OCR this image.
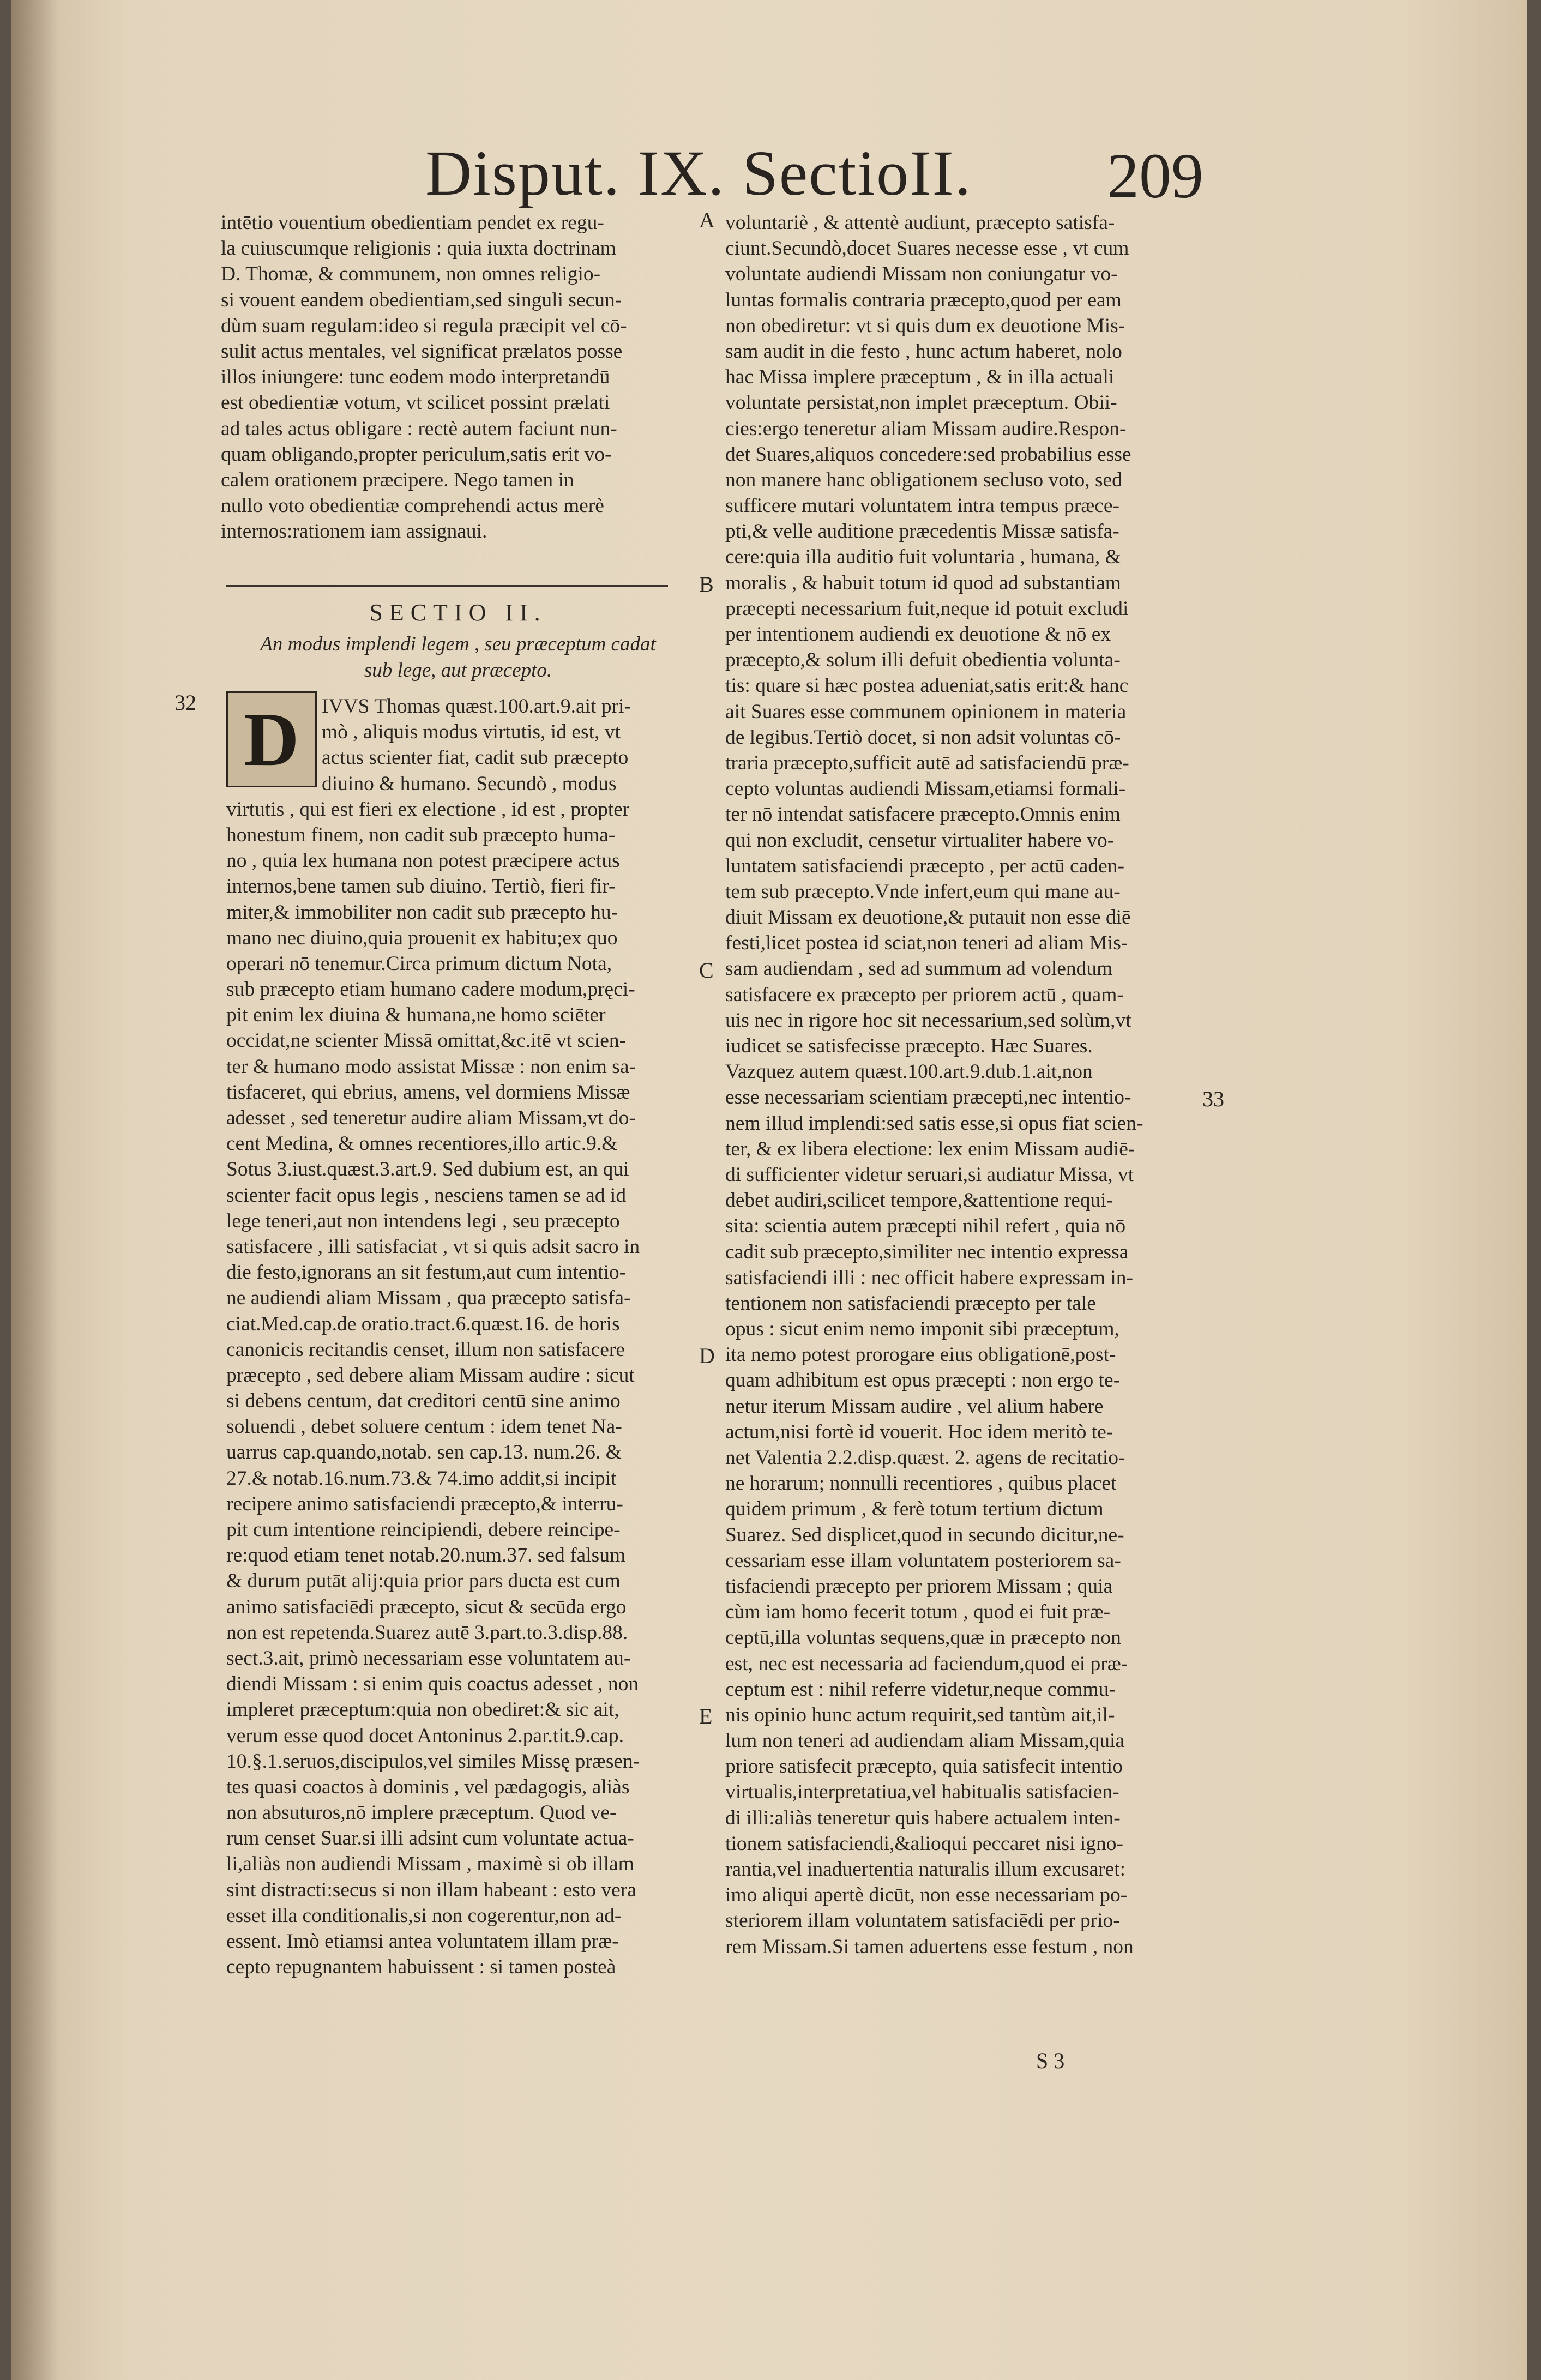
Disput. IX. SectioII.	209
intētio vouentium obedientiam pendet ex regu-
la cuiuscumque religionis : quia iuxta doctrinam
D. Thomæ, & communem, non omnes religio-
si vouent eandem obedientiam,sed singuli secun-
dùm suam regulam:ideo si regula præcipit vel cō-
sulit actus mentales, vel significat prælatos posse
illos iniungere: tunc eodem modo interpretandū
est obedientiæ votum, vt scilicet possint prælati
ad tales actus obligare : rectè autem faciunt nun-
quam obligando,propter periculum,satis erit vo-
calem orationem præcipere. Nego tamen in
nullo voto obedientiæ comprehendi actus merè
internos:rationem iam assignaui.
SECTIO II.
An modus implendi legem , seu præceptum cadat
sub lege, aut præcepto.
D	IVVS Thomas quæst.100.art.9.ait pri-
mò , aliquis modus virtutis, id est, vt
actus scienter fiat, cadit sub præcepto
diuino & humano. Secundò , modus
virtutis , qui est fieri ex electione , id est , propter
honestum finem, non cadit sub præcepto huma-
no , quia lex humana non potest præcipere actus
internos,bene tamen sub diuino. Tertiò, fieri fir-
miter,& immobiliter non cadit sub præcepto hu-
mano nec diuino,quia prouenit ex habitu;ex quo
operari nō tenemur.Circa primum dictum Nota,
sub præcepto etiam humano cadere modum,pręci-
pit enim lex diuina & humana,ne homo sciēter
occidat,ne scienter Missā omittat,&c.itē vt scien-
ter & humano modo assistat Missæ : non enim sa-
tisfaceret, qui ebrius, amens, vel dormiens Missæ
adesset , sed teneretur audire aliam Missam,vt do-
cent Medina, & omnes recentiores,illo artic.9.&
Sotus 3.iust.quæst.3.art.9. Sed dubium est, an qui
scienter facit opus legis , nesciens tamen se ad id
lege teneri,aut non intendens legi , seu præcepto
satisfacere , illi satisfaciat , vt si quis adsit sacro in
die festo,ignorans an sit festum,aut cum intentio-
ne audiendi aliam Missam , qua præcepto satisfa-
ciat.Med.cap.de oratio.tract.6.quæst.16. de horis
canonicis recitandis censet, illum non satisfacere
præcepto , sed debere aliam Missam audire : sicut
si debens centum, dat creditori centū sine animo
soluendi , debet soluere centum : idem tenet Na-
uarrus cap.quando,notab. sen cap.13. num.26. &
27.& notab.16.num.73.& 74.imo addit,si incipit
recipere animo satisfaciendi præcepto,& interru-
pit cum intentione reincipiendi, debere reincipe-
re:quod etiam tenet notab.20.num.37. sed falsum
& durum putāt alij:quia prior pars ducta est cum
animo satisfaciēdi præcepto, sicut & secūda ergo
non est repetenda.Suarez autē 3.part.to.3.disp.88.
sect.3.ait, primò necessariam esse voluntatem au-
diendi Missam : si enim quis coactus adesset , non
impleret præceptum:quia non obediret:& sic ait,
verum esse quod docet Antoninus 2.par.tit.9.cap.
10.§.1.seruos,discipulos,vel similes Missę præsen-
tes quasi coactos à dominis , vel pædagogis, aliàs
non absuturos,nō implere præceptum. Quod ve-
rum censet Suar.si illi adsint cum voluntate actua-
li,aliàs non audiendi Missam , maximè si ob illam
sint distracti:secus si non illam habeant : esto vera
esset illa conditionalis,si non cogerentur,non ad-
essent. Imò etiamsi antea voluntatem illam præ-
cepto repugnantem habuissent : si tamen posteà
voluntariè , & attentè audiunt, præcepto satisfa-
ciunt.Secundò,docet Suares necesse esse , vt cum
voluntate audiendi Missam non coniungatur vo-
luntas formalis contraria præcepto,quod per eam
non obediretur: vt si quis dum ex deuotione Mis-
sam audit in die festo , hunc actum haberet, nolo
hac Missa implere præceptum , & in illa actuali
voluntate persistat,non implet præceptum. Obii-
cies:ergo teneretur aliam Missam audire.Respon-
det Suares,aliquos concedere:sed probabilius esse
non manere hanc obligationem secluso voto, sed
sufficere mutari voluntatem intra tempus præce-
pti,& velle auditione præcedentis Missæ satisfa-
cere:quia illa auditio fuit voluntaria , humana, &
moralis , & habuit totum id quod ad substantiam
præcepti necessarium fuit,neque id potuit excludi
per intentionem audiendi ex deuotione & nō ex
præcepto,& solum illi defuit obedientia volunta-
tis: quare si hæc postea adueniat,satis erit:& hanc
ait Suares esse communem opinionem in materia
de legibus.Tertiò docet, si non adsit voluntas cō-
traria præcepto,sufficit autē ad satisfaciendū præ-
cepto voluntas audiendi Missam,etiamsi formali-
ter nō intendat satisfacere præcepto.Omnis enim
qui non excludit, censetur virtualiter habere vo-
luntatem satisfaciendi præcepto , per actū caden-
tem sub præcepto.Vnde infert,eum qui mane au-
diuit Missam ex deuotione,& putauit non esse diē
festi,licet postea id sciat,non teneri ad aliam Mis-
sam audiendam , sed ad summum ad volendum
satisfacere ex præcepto per priorem actū , quam-
uis nec in rigore hoc sit necessarium,sed solùm,vt
iudicet se satisfecisse præcepto. Hæc Suares.
Vazquez autem quæst.100.art.9.dub.1.ait,non
esse necessariam scientiam præcepti,nec intentio-
nem illud implendi:sed satis esse,si opus fiat scien-
ter, & ex libera electione: lex enim Missam audiē-
di sufficienter videtur seruari,si audiatur Missa, vt
debet audiri,scilicet tempore,&attentione requi-
sita: scientia autem præcepti nihil refert , quia nō
cadit sub præcepto,similiter nec intentio expressa
satisfaciendi illi : nec officit habere expressam in-
tentionem non satisfaciendi præcepto per tale
opus : sicut enim nemo imponit sibi præceptum,
ita nemo potest prorogare eius obligationē,post-
quam adhibitum est opus præcepti : non ergo te-
netur iterum Missam audire , vel alium habere
actum,nisi fortè id vouerit. Hoc idem meritò te-
net Valentia 2.2.disp.quæst. 2. agens de recitatio-
ne horarum; nonnulli recentiores , quibus placet
quidem primum , & ferè totum tertium dictum
Suarez. Sed displicet,quod in secundo dicitur,ne-
cessariam esse illam voluntatem posteriorem sa-
tisfaciendi præcepto per priorem Missam ; quia
cùm iam homo fecerit totum , quod ei fuit præ-
ceptū,illa voluntas sequens,quæ in præcepto non
est, nec est necessaria ad faciendum,quod ei præ-
ceptum est : nihil referre videtur,neque commu-
nis opinio hunc actum requirit,sed tantùm ait,il-
lum non teneri ad audiendam aliam Missam,quia
priore satisfecit præcepto, quia satisfecit intentio
virtualis,interpretatiua,vel habitualis satisfacien-
di illi:aliàs teneretur quis habere actualem inten-
tionem satisfaciendi,&alioqui peccaret nisi igno-
rantia,vel inaduertentia naturalis illum excusaret:
imo aliqui apertè dicūt, non esse necessariam po-
steriorem illam voluntatem satisfaciēdi per prio-
rem Missam.Si tamen aduertens esse festum , non
A
B
C
D
E
32
33
S 3
